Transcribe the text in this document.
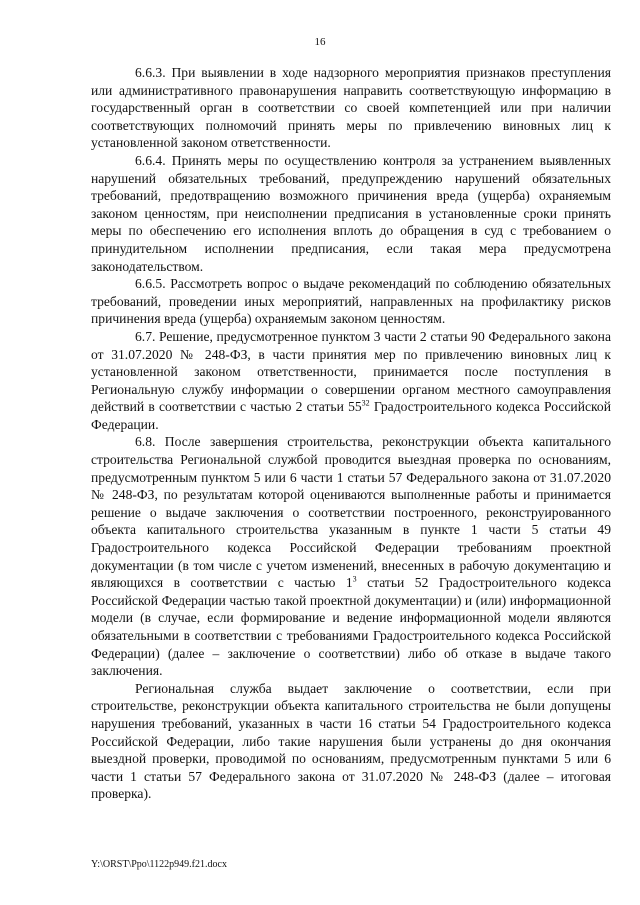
16

6.6.3. При выявлении в ходе надзорного мероприятия признаков преступления или административного правонарушения направить соответствующую информацию в государственный орган в соответствии со своей компетенцией или при наличии соответствующих полномочий принять меры по привлечению виновных лиц к установленной законом ответственности.

6.6.4. Принять меры по осуществлению контроля за устранением выявленных нарушений обязательных требований, предупреждению нарушений обязательных требований, предотвращению возможного причинения вреда (ущерба) охраняемым законом ценностям, при неисполнении предписания в установленные сроки принять меры по обеспечению его исполнения вплоть до обращения в суд с требованием о принудительном исполнении предписания, если такая мера предусмотрена законодательством.

6.6.5. Рассмотреть вопрос о выдаче рекомендаций по соблюдению обязательных требований, проведении иных мероприятий, направленных на профилактику рисков причинения вреда (ущерба) охраняемым законом ценностям.

6.7. Решение, предусмотренное пунктом 3 части 2 статьи 90 Федерального закона от 31.07.2020 № 248-ФЗ, в части принятия мер по привлечению виновных лиц к установленной законом ответственности, принимается после поступления в Региональную службу информации о совершении органом местного самоуправления действий в соответствии с частью 2 статьи $55^{32}$ Градостроительного кодекса Российской Федерации.

6.8. После завершения строительства, реконструкции объекта капитального строительства Региональной службой проводится выездная проверка по основаниям, предусмотренным пунктом 5 или 6 части 1 статьи 57 Федерального закона от 31.07.2020 № 248-ФЗ, по результатам которой оцениваются выполненные работы и принимается решение о выдаче заключения о соответствии построенного, реконструированного объекта капитального строительства указанным в пункте 1 части 5 статьи 49 Градостроительного кодекса Российской Федерации требованиям проектной документации (в том числе с учетом изменений, внесенных в рабочую документацию и являющихся в соответствии с частью $1^3$ статьи 52 Градостроительного кодекса Российской Федерации частью такой проектной документации) и (или) информационной модели (в случае, если формирование и ведение информационной модели являются обязательными в соответствии с требованиями Градостроительного кодекса Российской Федерации) (далее – заключение о соответствии) либо об отказе в выдаче такого заключения.

Региональная служба выдает заключение о соответствии, если при строительстве, реконструкции объекта капитального строительства не были допущены нарушения требований, указанных в части 16 статьи 54 Градостроительного кодекса Российской Федерации, либо такие нарушения были устранены до дня окончания выездной проверки, проводимой по основаниям, предусмотренным пунктами 5 или 6 части 1 статьи 57 Федерального закона от 31.07.2020 № 248-ФЗ (далее – итоговая проверка).

Y:\ORST\Ppo\1122p949.f21.docx
